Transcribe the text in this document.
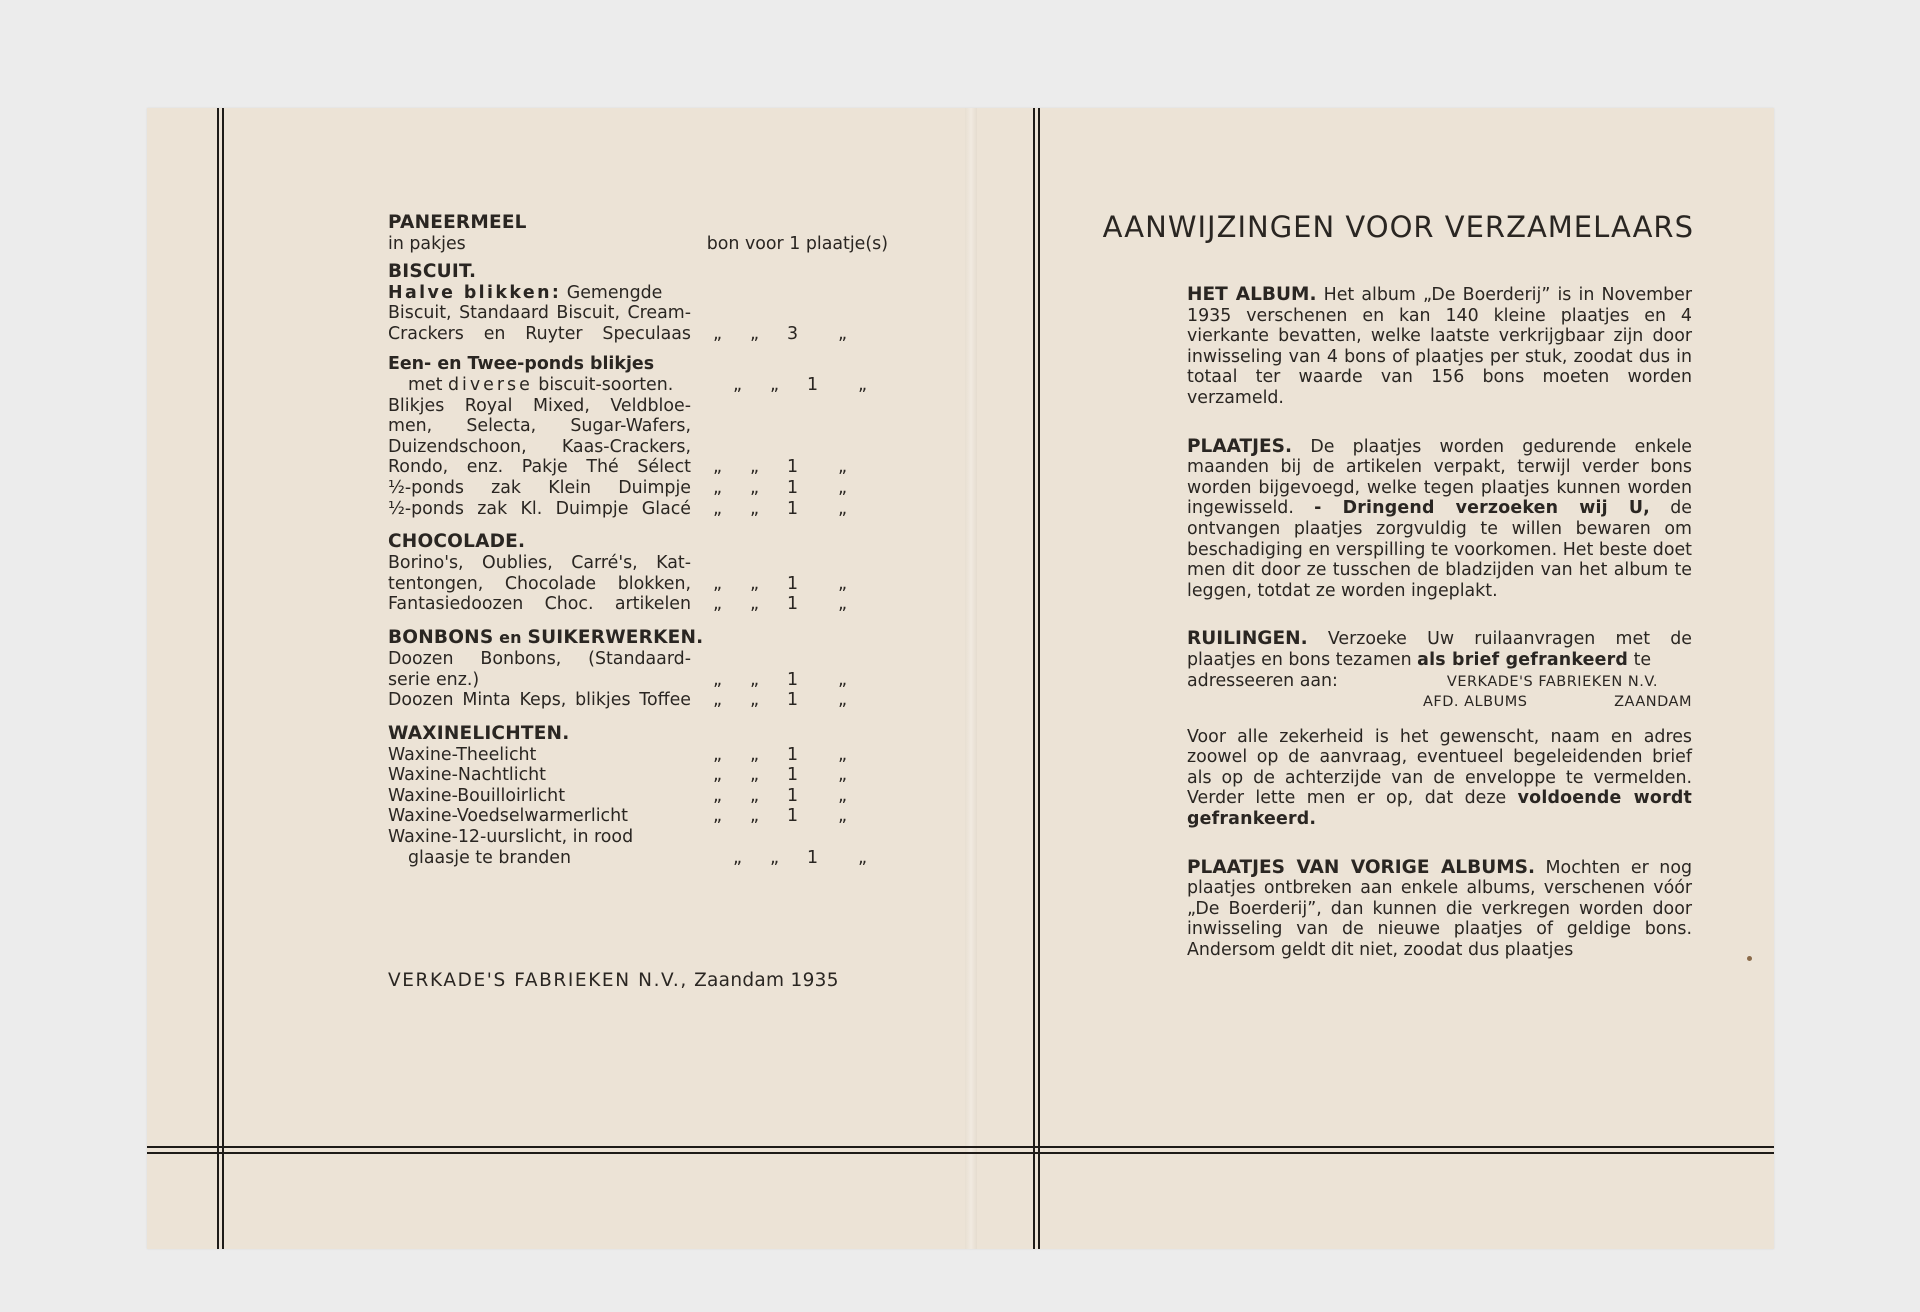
PANEERMEEL
in pakjes	bon voor 1 plaatje(s)
BISCUIT.
Halve blikken: Gemengde
Biscuit, Standaard Biscuit, Cream-
Crackers en Ruyter Speculaas „	„	3	„
Een- en Twee-ponds blikjes
met diverse biscuit-soorten.	„	„	1	„
Blikjes Royal Mixed, Veldbloe-
men, Selecta, Sugar-Wafers,
Duizendschoon, Kaas-Crackers,
Rondo, enz. Pakje Thé Sélect „	„	1	„
½-ponds zak Klein Duimpje „	„	1	„
½-ponds zak Kl. Duimpje Glacé „	„	1	„
CHOCOLADE.
Borino's, Oublies, Carré's, Kat-
tentongen, Chocolade blokken, „	„	1	„
Fantasiedoozen Choc. artikelen „	„	1	„
BONBONS en SUIKERWERKEN.
Doozen Bonbons, (Standaard-
serie enz.)	„	„	1	„
Doozen Minta Keps, blikjes Toffee „	„	1	„
WAXINELICHTEN.
Waxine-Theelicht	„	„	1	„
Waxine-Nachtlicht	„	„	1	„
Waxine-Bouilloirlicht	„	„	1	„
Waxine-Voedselwarmerlicht	„	„	1	„
Waxine-12-uurslicht, in rood
glaasje te branden	„	„	1	„
VERKADE'S FABRIEKEN N.V., Zaandam 1935
AANWIJZINGEN VOOR VERZAMELAARS

HET ALBUM. Het album „De Boerderij” is in November 1935 verschenen en kan 140 kleine plaatjes en 4 vierkante bevatten, welke laatste verkrijgbaar zijn door inwisseling van 4 bons of plaatjes per stuk, zoodat dus in totaal ter waarde van 156 bons moeten worden verzameld.

PLAATJES. De plaatjes worden gedurende enkele maanden bij de artikelen verpakt, terwijl verder bons worden bijgevoegd, welke tegen plaatjes kunnen worden ingewisseld. - Dringend verzoeken wij U, de ontvangen plaatjes zorgvuldig te willen bewaren om beschadiging en verspilling te voorkomen. Het beste doet men dit door ze tusschen de bladzijden van het album te leggen, totdat ze worden ingeplakt.

RUILINGEN. Verzoeke Uw ruilaanvragen met de plaatjes en bons tezamen als brief gefrankeerd te
adresseeren aan:	VERKADE'S FABRIEKEN N.V.
AFD. ALBUMS	ZAANDAM

Voor alle zekerheid is het gewenscht, naam en adres zoowel op de aanvraag, eventueel begeleidenden brief als op de achterzijde van de enveloppe te vermelden. Verder lette men er op, dat deze voldoende wordt gefrankeerd.

PLAATJES VAN VORIGE ALBUMS. Mochten er nog plaatjes ontbreken aan enkele albums, verschenen vóór „De Boerderij”, dan kunnen die verkregen worden door inwisseling van de nieuwe plaatjes of geldige bons. Andersom geldt dit niet, zoodat dus plaatjes
